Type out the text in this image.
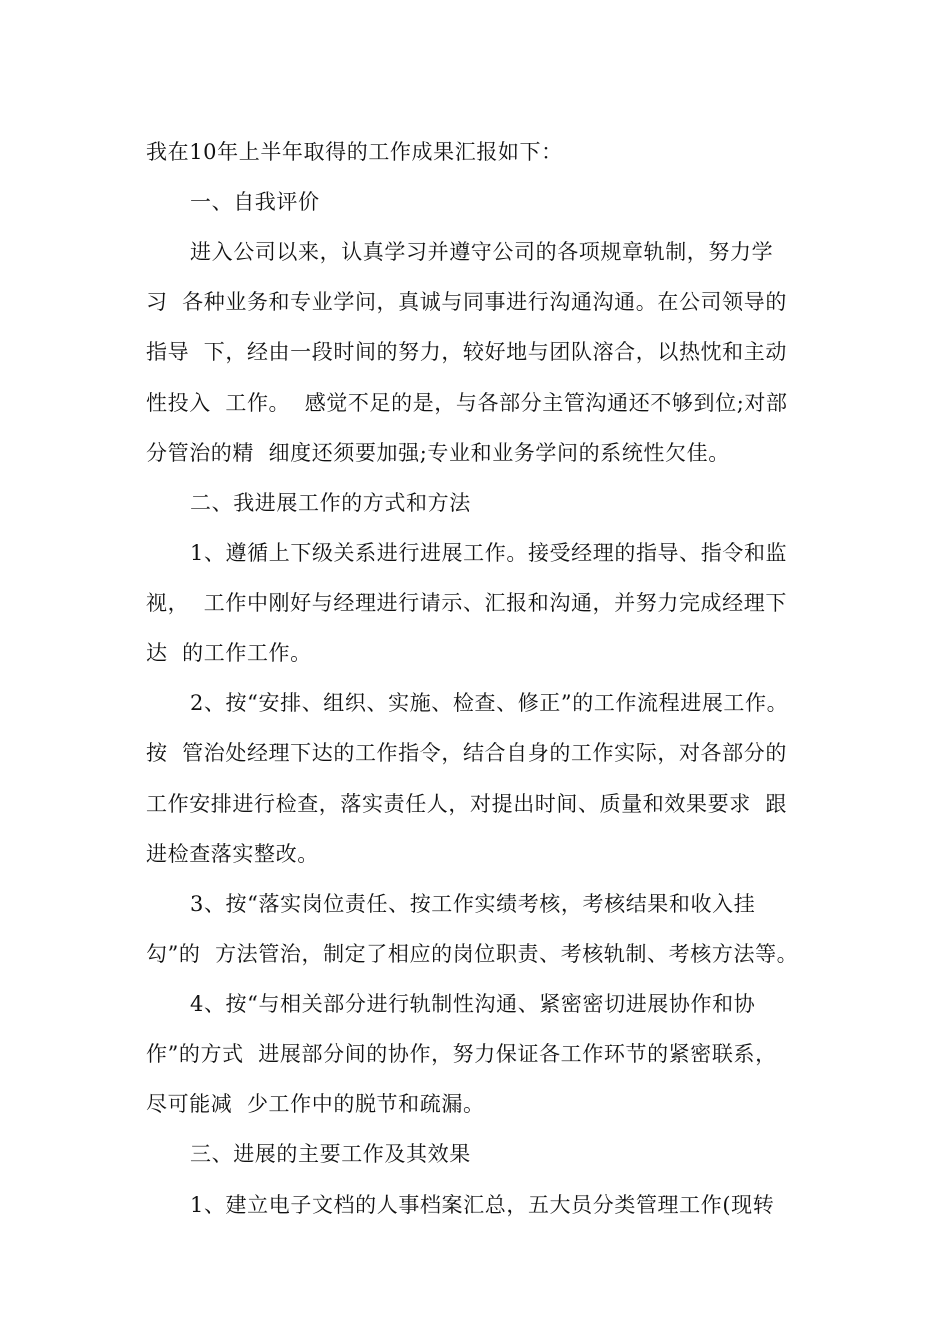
我在10年上半年取得的工作成果汇报如下：
一、自我评价
进入公司以来，认真学习并遵守公司的各项规章轨制，努力学
习  各种业务和专业学问，真诚与同事进行沟通沟通。在公司领导的
指导  下，经由一段时间的努力，较好地与团队溶合，以热忱和主动
性投入  工作。  感觉不足的是，与各部分主管沟通还不够到位;对部
分管治的精  细度还须要加强;专业和业务学问的系统性欠佳。
二、我进展工作的方式和方法
1、遵循上下级关系进行进展工作。接受经理的指导、指令和监
视，  工作中刚好与经理进行请示、汇报和沟通，并努力完成经理下
达  的工作工作。
2、按“安排、组织、实施、检查、修正”的工作流程进展工作。
按  管治处经理下达的工作指令，结合自身的工作实际，对各部分的
工作安排进行检查，落实责任人，对提出时间、质量和效果要求  跟
进检查落实整改。
3、按“落实岗位责任、按工作实绩考核，考核结果和收入挂
勾”的  方法管治，制定了相应的岗位职责、考核轨制、考核方法等。
4、按“与相关部分进行轨制性沟通、紧密密切进展协作和协
作”的方式  进展部分间的协作，努力保证各工作环节的紧密联系，
尽可能减  少工作中的脱节和疏漏。
三、进展的主要工作及其效果
1、建立电子文档的人事档案汇总，五大员分类管理工作(现转
